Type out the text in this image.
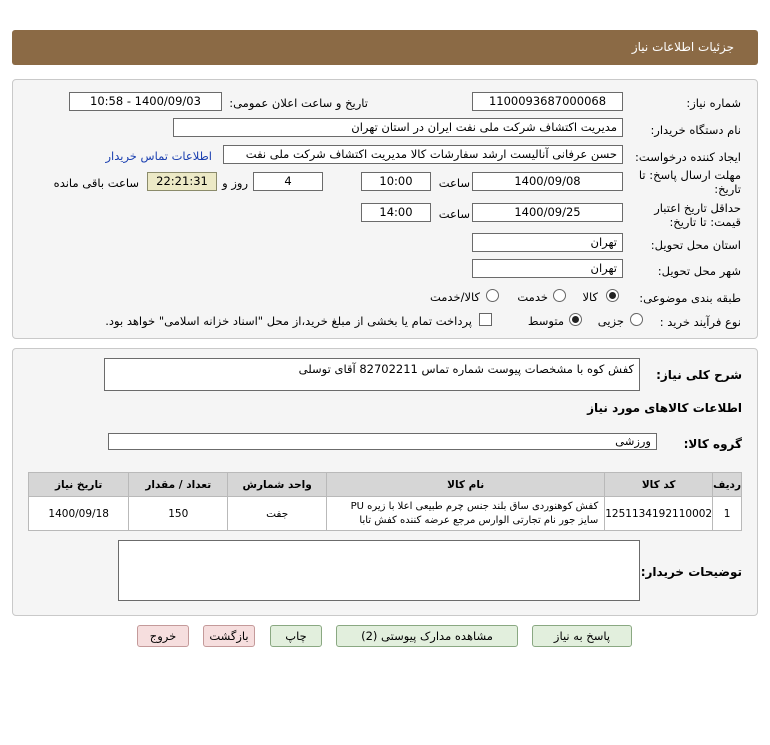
جزئیات اطلاعات نیاز
شماره نیاز:
1100093687000068
تاریخ و ساعت اعلان عمومی:
1400/09/03 - 10:58
نام دستگاه خریدار:
مدیریت اکتشاف شرکت ملی نفت ایران در استان تهران
ایجاد کننده درخواست:
حسن عرفانی آنالیست ارشد سفارشات کالا مدیریت اکتشاف شرکت ملی نفت
اطلاعات تماس خریدار
مهلت ارسال پاسخ: تا
تاریخ:
1400/09/08
ساعت
10:00
4
روز و
22:21:31
ساعت باقی مانده
حداقل تاریخ اعتبار
قیمت: تا تاریخ:
1400/09/25
ساعت
14:00
استان محل تحویل:
تهران
شهر محل تحویل:
تهران
طبقه بندی موضوعی:
کالا
خدمت
کالا/خدمت
نوع فرآیند خرید :
جزیی
متوسط
پرداخت تمام یا بخشی از مبلغ خرید،از محل "اسناد خزانه اسلامی" خواهد بود.
شرح کلی نیاز:
کفش کوه با مشخصات پیوست شماره تماس 82702211 آقای توسلی
اطلاعات کالاهای مورد نیاز
گروه کالا:
ورزشی
ردیف	کد کالا	نام کالا	واحد شمارش	تعداد / مقدار	تاریخ نیاز
1	1251134192110002	کفش کوهنوردی ساق بلند جنس چرم طبیعی اعلا با زیره PU سایز جور نام تجارتی الوارس مرجع عرضه کننده کفش تابا	جفت	150	1400/09/18
توضیحات خریدار:
پاسخ به نیاز
مشاهده مدارک پیوستی (2)
چاپ
بازگشت
خروج
